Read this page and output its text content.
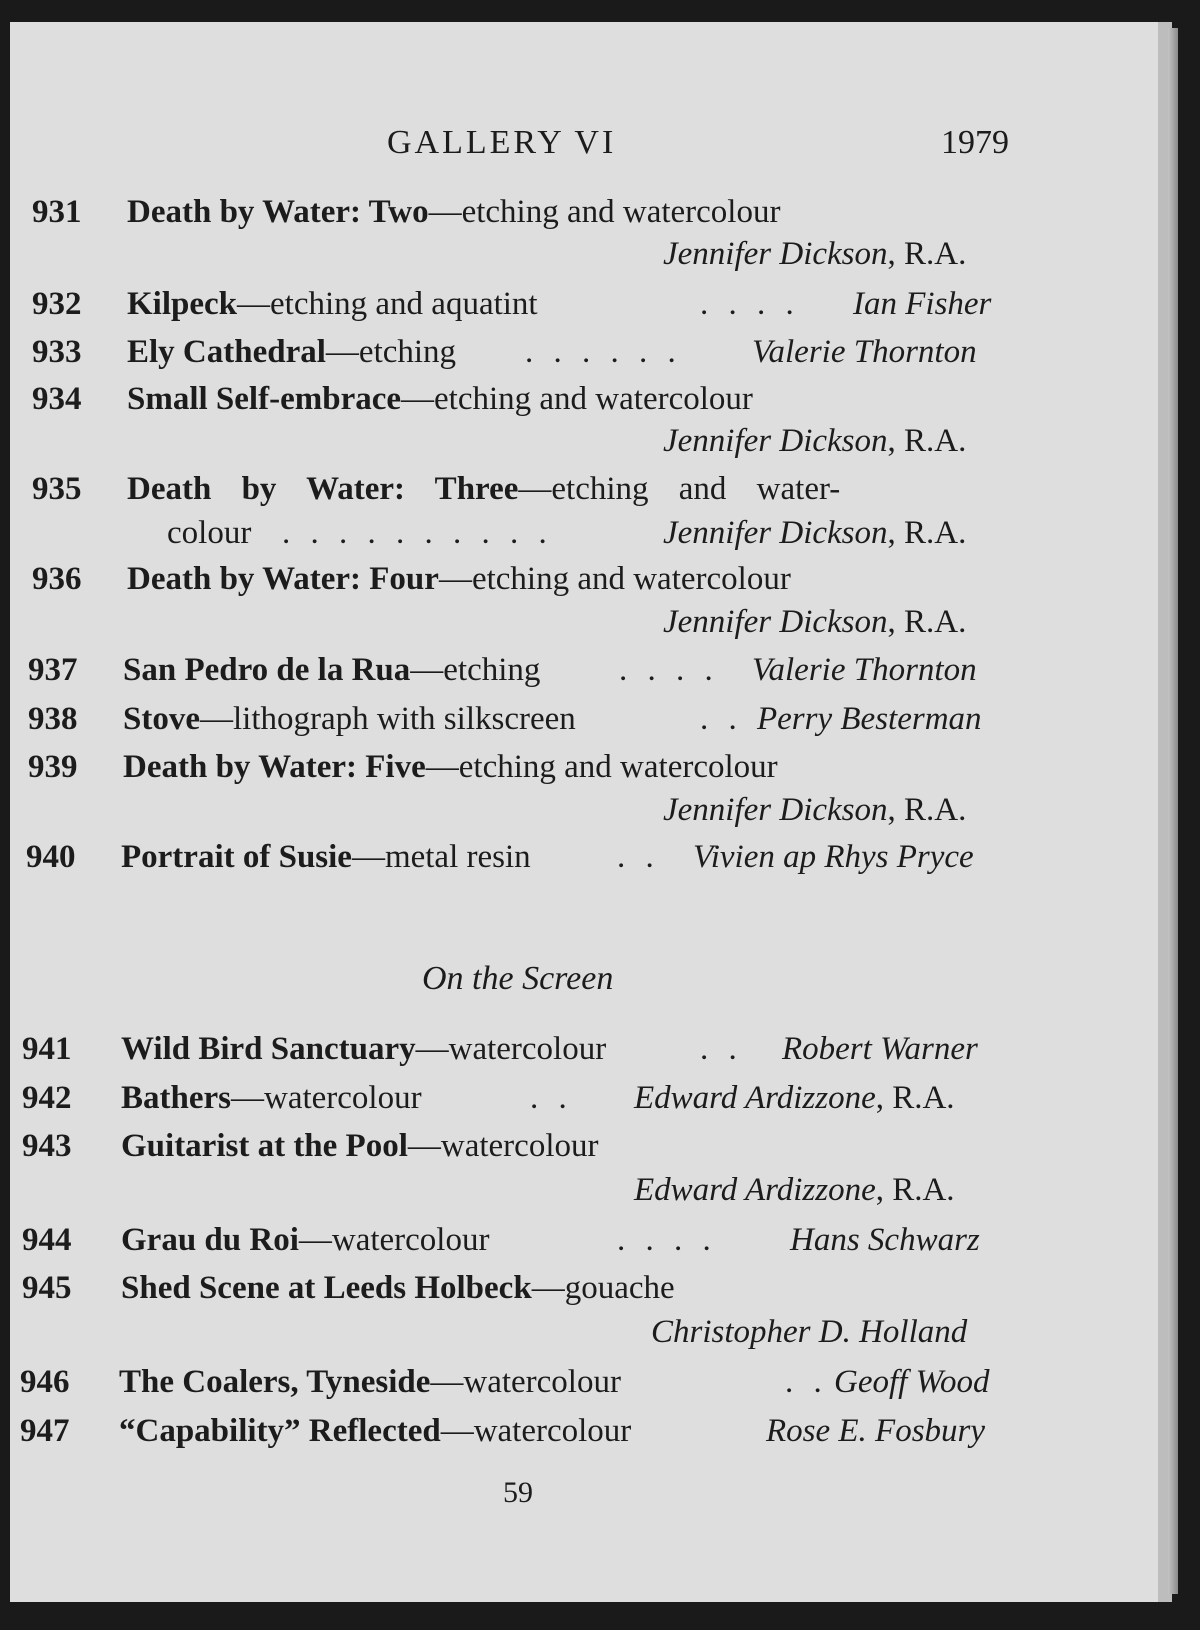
GALLERY VI	1979
931 Death by Water: Two—etching and watercolour
Jennifer Dickson, R.A.
932 Kilpeck—etching and aquatint	. . . . Ian Fisher
933 Ely Cathedral—etching . . . . . . Valerie Thornton
934 Small Self-embrace—etching and watercolour
Jennifer Dickson, R.A.
935 Death by Water: Three—etching and water-
colour . . . . . . . . . .	Jennifer Dickson, R.A.
936 Death by Water: Four—etching and watercolour
Jennifer Dickson, R.A.
937 San Pedro de la Rua—etching . . . . Valerie Thornton
938 Stove—lithograph with silkscreen	. . Perry Besterman
939 Death by Water: Five—etching and watercolour
Jennifer Dickson, R.A.
940 Portrait of Susie—metal resin	. . Vivien ap Rhys Pryce
On the Screen
941 Wild Bird Sanctuary—watercolour	. . Robert Warner
942 Bathers—watercolour	. . Edward Ardizzone, R.A.
943 Guitarist at the Pool—watercolour
Edward Ardizzone, R.A.
944 Grau du Roi—watercolour	. . . . Hans Schwarz
945 Shed Scene at Leeds Holbeck—gouache
Christopher D. Holland
946 The Coalers, Tyneside—watercolour	. . Geoff Wood
947 “Capability” Reflected—watercolour	Rose E. Fosbury
59
